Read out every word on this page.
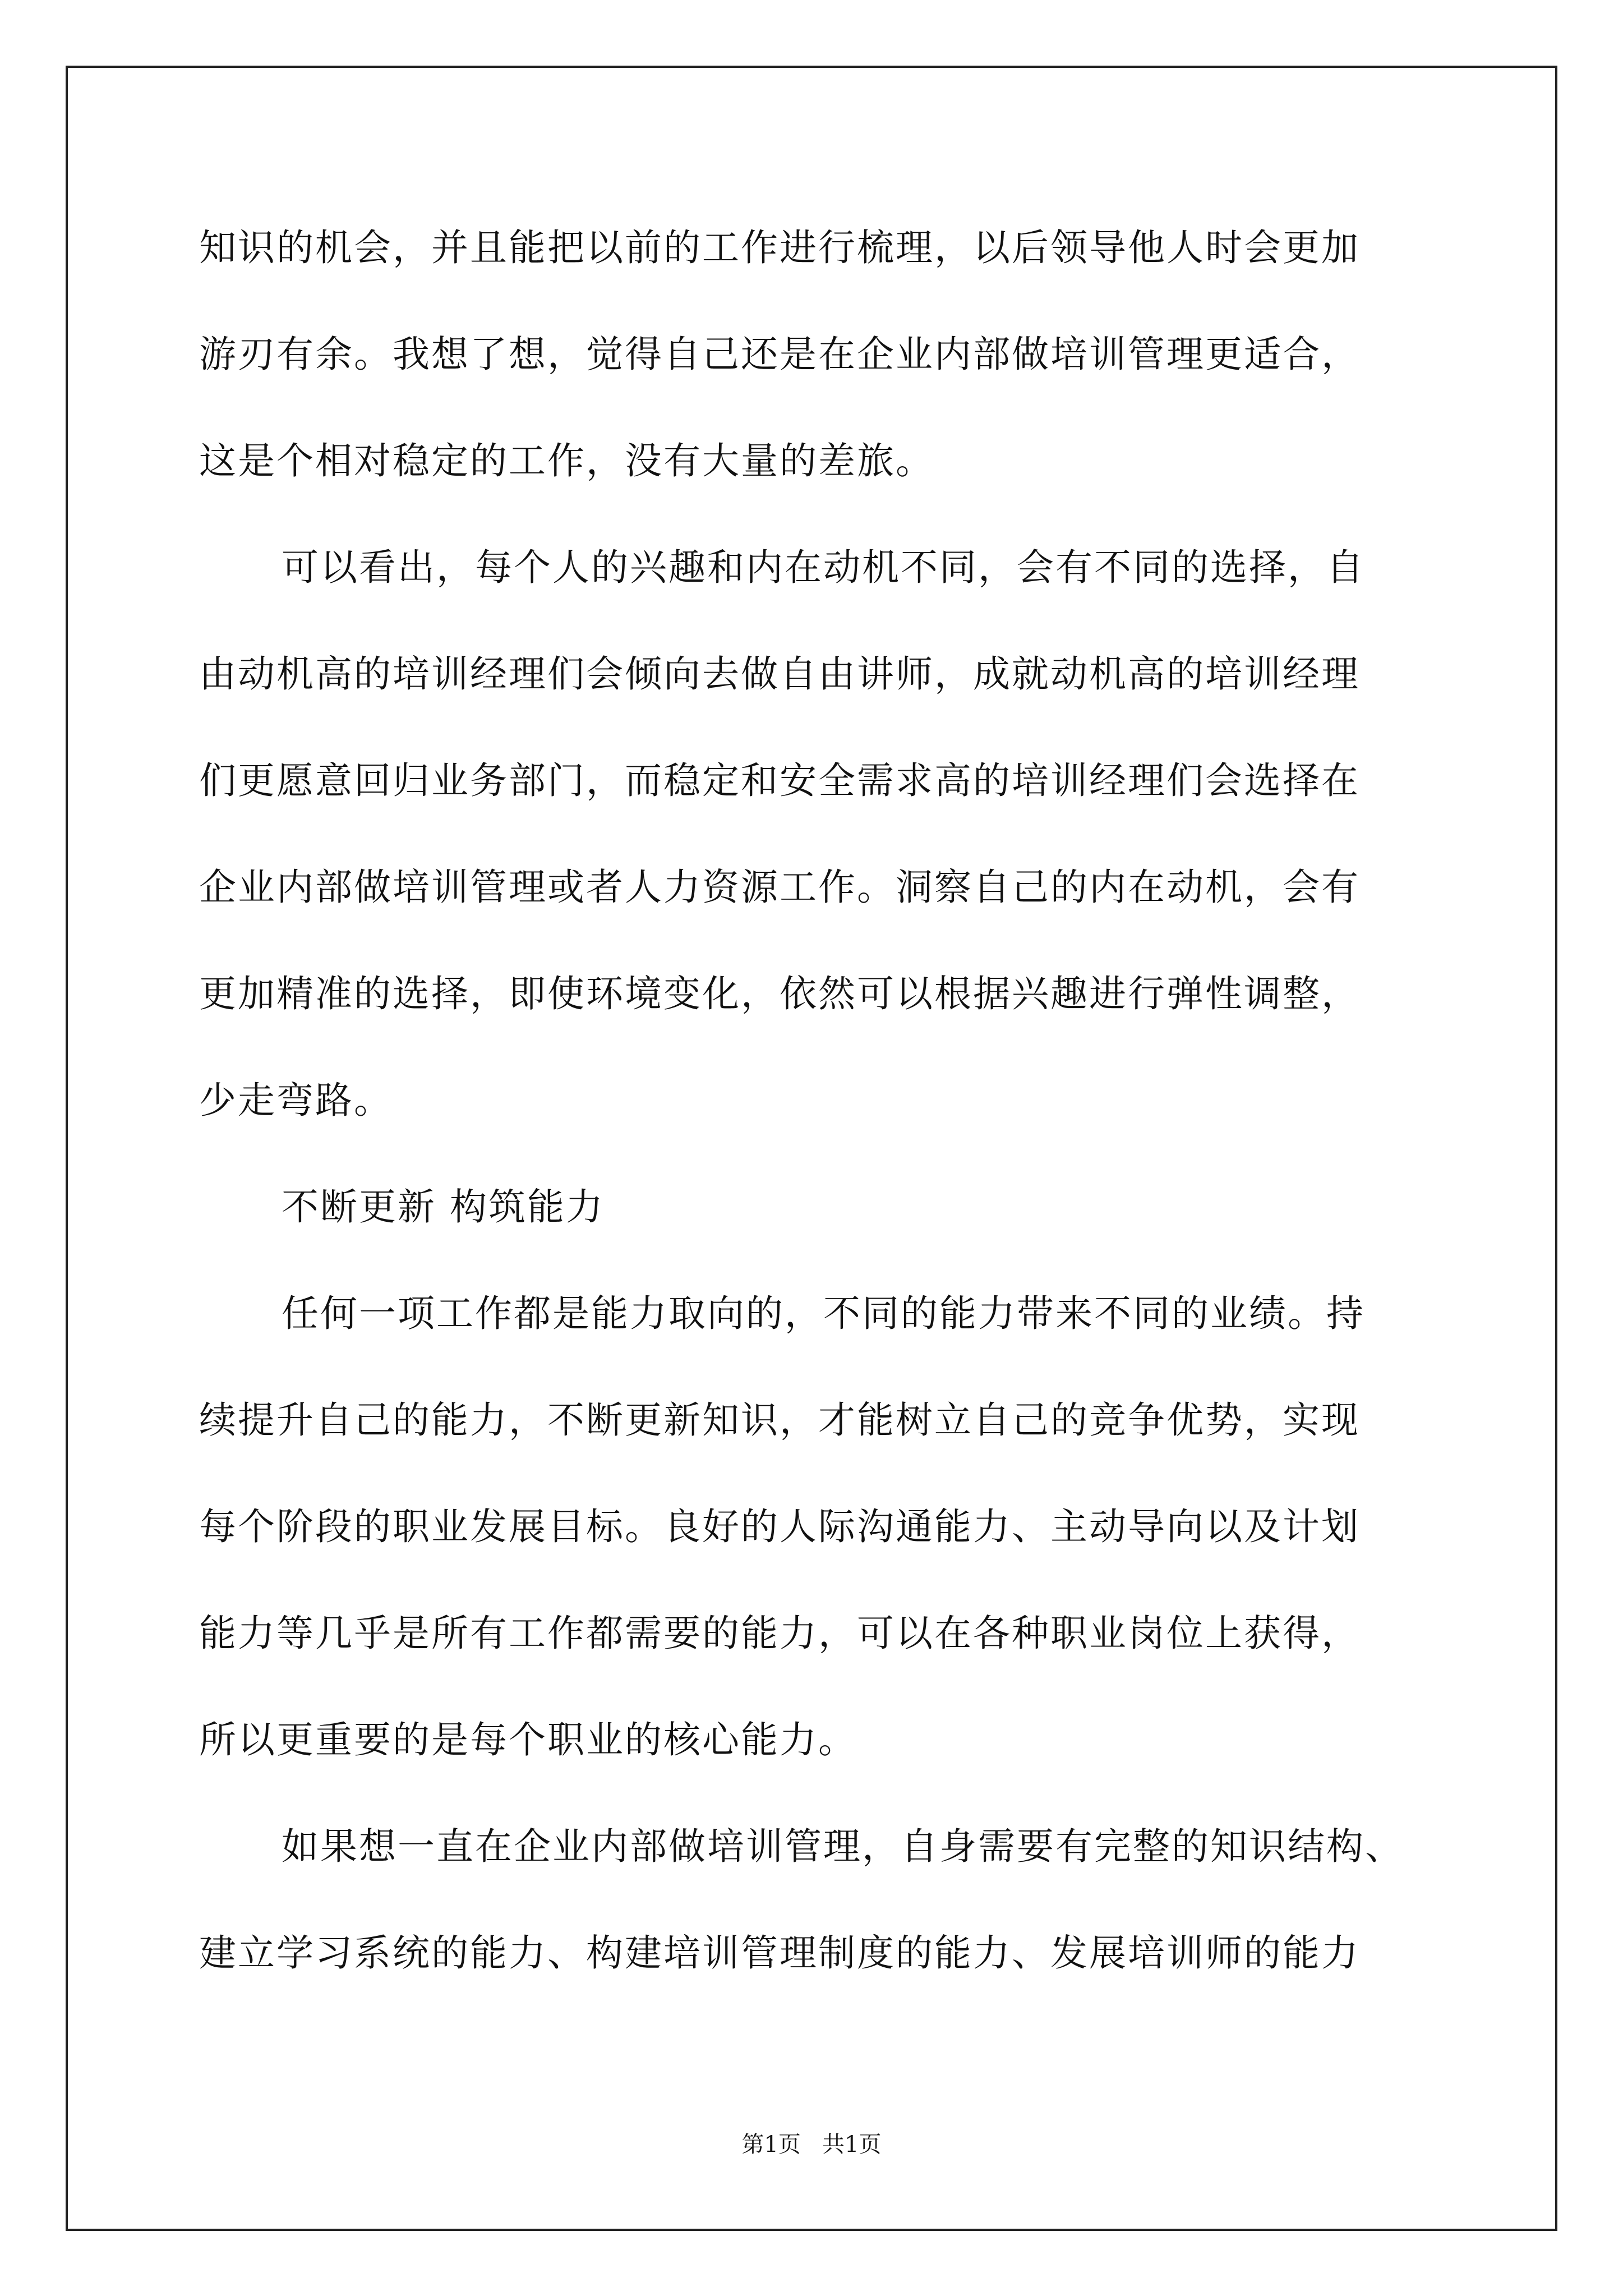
知识的机会，并且能把以前的工作进行梳理，以后领导他人时会更加
游刃有余。我想了想，觉得自己还是在企业内部做培训管理更适合，
这是个相对稳定的工作，没有大量的差旅。
可以看出，每个人的兴趣和内在动机不同，会有不同的选择，自
由动机高的培训经理们会倾向去做自由讲师，成就动机高的培训经理
们更愿意回归业务部门，而稳定和安全需求高的培训经理们会选择在
企业内部做培训管理或者人力资源工作。洞察自己的内在动机，会有
更加精准的选择，即使环境变化，依然可以根据兴趣进行弹性调整，
少走弯路。
不断更新 构筑能力
任何一项工作都是能力取向的，不同的能力带来不同的业绩。持
续提升自己的能力，不断更新知识，才能树立自己的竞争优势，实现
每个阶段的职业发展目标。良好的人际沟通能力、主动导向以及计划
能力等几乎是所有工作都需要的能力，可以在各种职业岗位上获得，
所以更重要的是每个职业的核心能力。
如果想一直在企业内部做培训管理，自身需要有完整的知识结构、
建立学习系统的能力、构建培训管理制度的能力、发展培训师的能力
第1页   共1页
